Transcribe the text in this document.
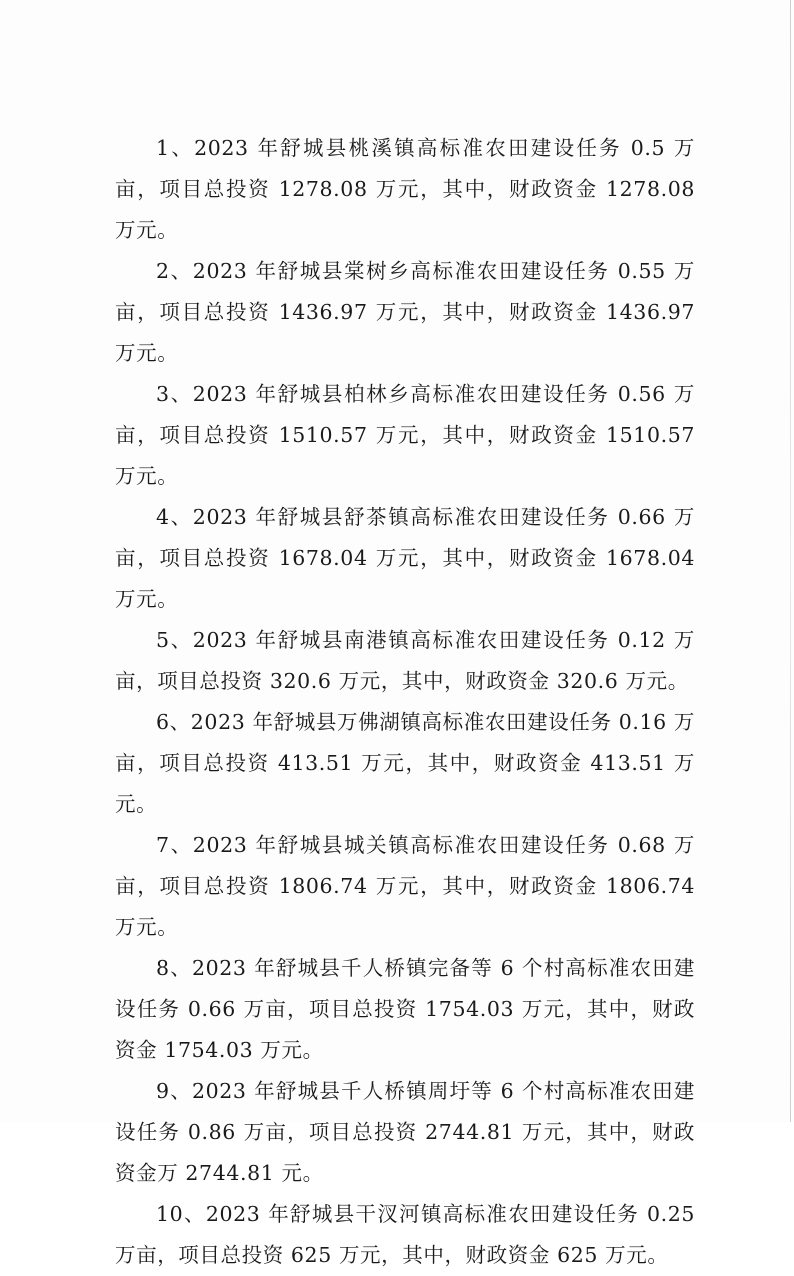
1、2023 年舒城县桃溪镇高标准农田建设任务 0.5 万亩，项目总投资 1278.08 万元，其中，财政资金 1278.08 万元。

2、2023 年舒城县棠树乡高标准农田建设任务 0.55 万亩，项目总投资 1436.97 万元，其中，财政资金 1436.97 万元。

3、2023 年舒城县柏林乡高标准农田建设任务 0.56 万亩，项目总投资 1510.57 万元，其中，财政资金 1510.57 万元。

4、2023 年舒城县舒茶镇高标准农田建设任务 0.66 万亩，项目总投资 1678.04 万元，其中，财政资金 1678.04 万元。

5、2023 年舒城县南港镇高标准农田建设任务 0.12 万亩，项目总投资 320.6 万元，其中，财政资金 320.6 万元。

6、2023 年舒城县万佛湖镇高标准农田建设任务 0.16 万亩，项目总投资 413.51 万元，其中，财政资金 413.51 万元。

7、2023 年舒城县城关镇高标准农田建设任务 0.68 万亩，项目总投资 1806.74 万元，其中，财政资金 1806.74 万元。

8、2023 年舒城县千人桥镇完备等 6 个村高标准农田建设任务 0.66 万亩，项目总投资 1754.03 万元，其中，财政资金 1754.03 万元。

9、2023 年舒城县千人桥镇周圩等 6 个村高标准农田建设任务 0.86 万亩，项目总投资 2744.81 万元，其中，财政资金万 2744.81 元。

10、2023 年舒城县干汊河镇高标准农田建设任务 0.25 万亩，项目总投资 625 万元，其中，财政资金 625 万元。
